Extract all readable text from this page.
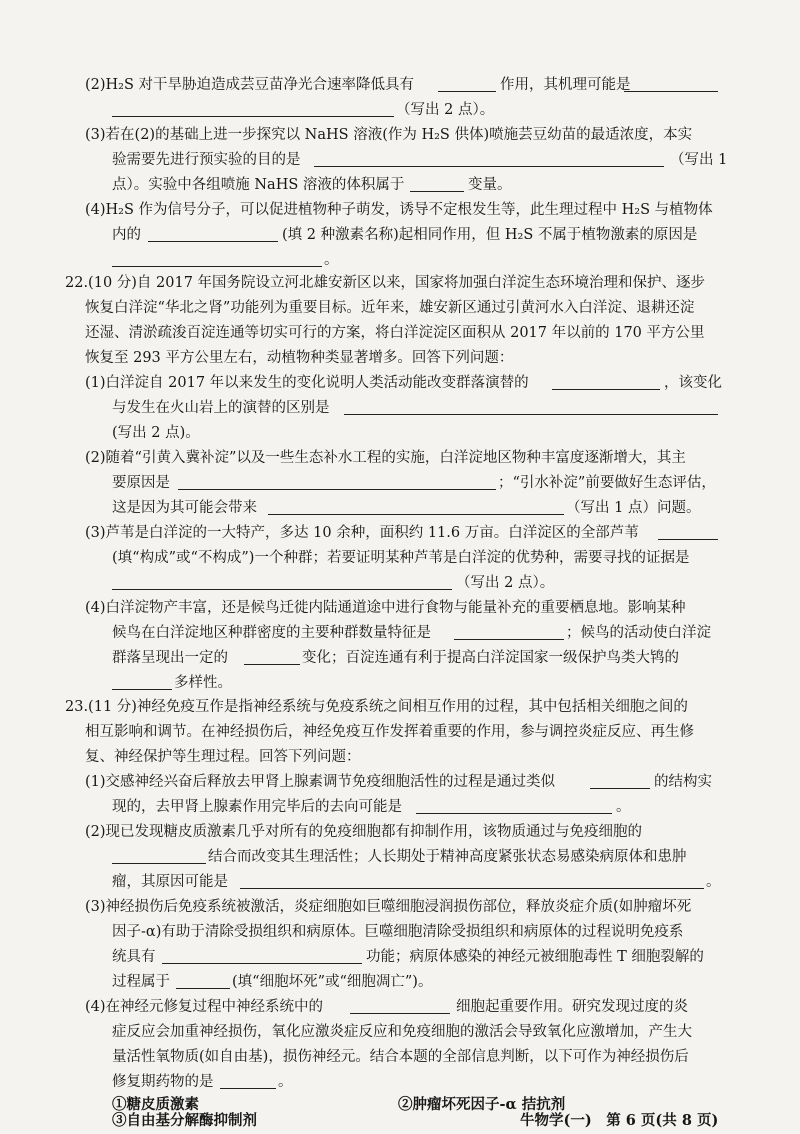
(2)H₂S 对干旱胁迫造成芸豆苗净光合速率降低具有	作用，其机理可能是
（写出 2 点）。
(3)若在(2)的基础上进一步探究以 NaHS 溶液(作为 H₂S 供体)喷施芸豆幼苗的最适浓度，本实
验需要先进行预实验的目的是	（写出 1
点）。实验中各组喷施 NaHS 溶液的体积属于	变量。
(4)H₂S 作为信号分子，可以促进植物种子萌发，诱导不定根发生等，此生理过程中 H₂S 与植物体
内的	(填 2 种激素名称)起相同作用，但 H₂S 不属于植物激素的原因是
。
22.(10 分)自 2017 年国务院设立河北雄安新区以来，国家将加强白洋淀生态环境治理和保护、逐步
恢复白洋淀“华北之肾”功能列为重要目标。近年来，雄安新区通过引黄河水入白洋淀、退耕还淀
还湿、清淤疏浚百淀连通等切实可行的方案，将白洋淀淀区面积从 2017 年以前的 170 平方公里
恢复至 293 平方公里左右，动植物种类显著增多。回答下列问题：
(1)白洋淀自 2017 年以来发生的变化说明人类活动能改变群落演替的	，该变化
与发生在火山岩上的演替的区别是
(写出 2 点)。
(2)随着“引黄入冀补淀”以及一些生态补水工程的实施，白洋淀地区物种丰富度逐渐增大，其主
要原因是	；“引水补淀”前要做好生态评估，
这是因为其可能会带来	（写出 1 点）问题。
(3)芦苇是白洋淀的一大特产，多达 10 余种，面积约 11.6 万亩。白洋淀区的全部芦苇
(填“构成”或“不构成”)一个种群；若要证明某种芦苇是白洋淀的优势种，需要寻找的证据是
（写出 2 点）。
(4)白洋淀物产丰富，还是候鸟迁徙内陆通道途中进行食物与能量补充的重要栖息地。影响某种
候鸟在白洋淀地区种群密度的主要种群数量特征是	；候鸟的活动使白洋淀
群落呈现出一定的	变化；百淀连通有利于提高白洋淀国家一级保护鸟类大鸨的
多样性。
23.(11 分)神经免疫互作是指神经系统与免疫系统之间相互作用的过程，其中包括相关细胞之间的
相互影响和调节。在神经损伤后，神经免疫互作发挥着重要的作用，参与调控炎症反应、再生修
复、神经保护等生理过程。回答下列问题：
(1)交感神经兴奋后释放去甲肾上腺素调节免疫细胞活性的过程是通过类似	的结构实
现的，去甲肾上腺素作用完毕后的去向可能是	。
(2)现已发现糖皮质激素几乎对所有的免疫细胞都有抑制作用，该物质通过与免疫细胞的
结合而改变其生理活性；人长期处于精神高度紧张状态易感染病原体和患肿
瘤，其原因可能是	。
(3)神经损伤后免疫系统被激活，炎症细胞如巨噬细胞浸润损伤部位，释放炎症介质(如肿瘤坏死
因子-α)有助于清除受损组织和病原体。巨噬细胞清除受损组织和病原体的过程说明免疫系
统具有	功能；病原体感染的神经元被细胞毒性 T 细胞裂解的
过程属于	(填“细胞坏死”或“细胞凋亡”)。
(4)在神经元修复过程中神经系统中的	细胞起重要作用。研究发现过度的炎
症反应会加重神经损伤，氧化应激炎症反应和免疫细胞的激活会导致氧化应激增加，产生大
量活性氧物质(如自由基)，损伤神经元。结合本题的全部信息判断，以下可作为神经损伤后
修复期药物的是	。
①糖皮质激素	②肿瘤坏死因子-α 拮抗剂
③自由基分解酶抑制剂	牛物学(一)　第 6 页(共 8 页)
